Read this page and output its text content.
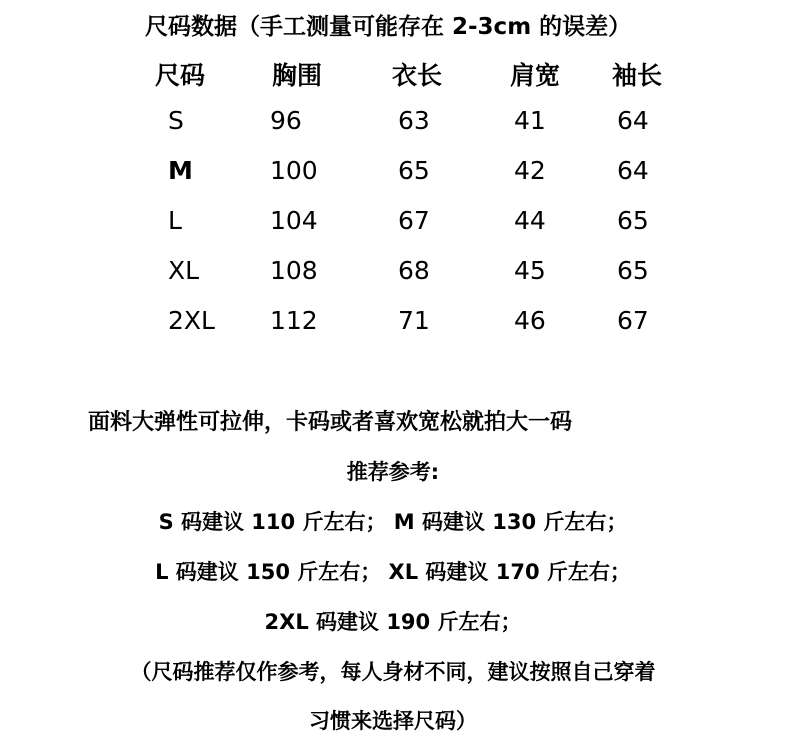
尺码数据（手工测量可能存在 2-3cm 的误差）
尺码	胸围	衣长	肩宽 袖长
S	96	63	41	64
M	100	65	42	64
L	104	67	44	65
XL	108	68	45	65
2XL 112	71	46	67
面料大弹性可拉伸，卡码或者喜欢宽松就拍大一码
推荐参考:
S 码建议 110 斤左右； M 码建议 130 斤左右；
L 码建议 150 斤左右； XL 码建议 170 斤左右；
2XL 码建议 190 斤左右；
（尺码推荐仅作参考，每人身材不同，建议按照自己穿着
习惯来选择尺码）
